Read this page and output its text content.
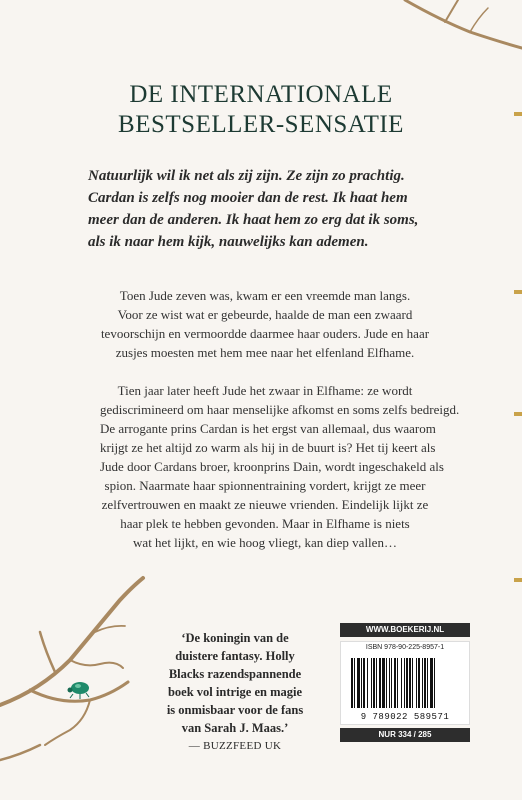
DE INTERNATIONALE
BESTSELLER-SENSATIE
Natuurlijk wil ik net als zij zijn. Ze zijn zo prachtig.
Cardan is zelfs nog mooier dan de rest. Ik haat hem
meer dan de anderen. Ik haat hem zo erg dat ik soms,
als ik naar hem kijk, nauwelijks kan ademen.
Toen Jude zeven was, kwam er een vreemde man langs.
Voor ze wist wat er gebeurde, haalde de man een zwaard
tevoorschijn en vermoordde daarmee haar ouders. Jude en haar
zusjes moesten met hem mee naar het elfenland Elfhame.
Tien jaar later heeft Jude het zwaar in Elfhame: ze wordt
gediscrimineerd om haar menselijke afkomst en soms zelfs bedreigd.
De arrogante prins Cardan is het ergst van allemaal, dus waarom
krijgt ze het altijd zo warm als hij in de buurt is? Het tij keert als
Jude door Cardans broer, kroonprins Dain, wordt ingeschakeld als
spion. Naarmate haar spionnentraining vordert, krijgt ze meer
zelfvertrouwen en maakt ze nieuwe vrienden. Eindelijk lijkt ze
haar plek te hebben gevonden. Maar in Elfhame is niets
wat het lijkt, en wie hoog vliegt, kan diep vallen…
‘De koningin van de
duistere fantasy. Holly
Blacks razendspannende
boek vol intrige en magie
is onmisbaar voor de fans
van Sarah J. Maas.’
— BUZZFEED UK
WWW.BOEKERIJ.NL
ISBN 978-90-225-8957-1
9 789022 589571
NUR 334 / 285
